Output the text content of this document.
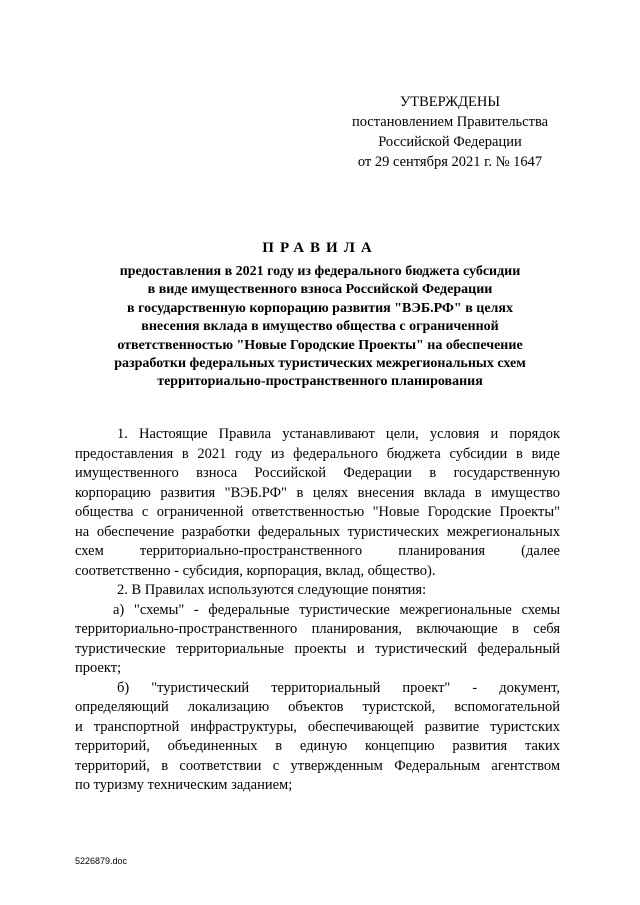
УТВЕРЖДЕНЫ
постановлением Правительства
Российской Федерации
от 29 сентября 2021 г. № 1647
ПРАВИЛА
предоставления в 2021 году из федерального бюджета субсидии
в виде имущественного взноса Российской Федерации
в государственную корпорацию развития "ВЭБ.РФ" в целях
внесения вклада в имущество общества с ограниченной
ответственностью "Новые Городские Проекты" на обеспечение
разработки федеральных туристических межрегиональных схем
территориально-пространственного планирования
1. Настоящие Правила устанавливают цели, условия и порядок
предоставления в 2021 году из федерального бюджета субсидии в виде
имущественного взноса Российской Федерации в государственную
корпорацию развития "ВЭБ.РФ" в целях внесения вклада в имущество
общества с ограниченной ответственностью "Новые Городские Проекты"
на обеспечение разработки федеральных туристических межрегиональных
схем территориально-пространственного планирования (далее
соответственно - субсидия, корпорация, вклад, общество).
2. В Правилах используются следующие понятия:
а) "схемы" - федеральные туристические межрегиональные схемы
территориально-пространственного планирования, включающие в себя
туристические территориальные проекты и туристический федеральный
проект;
б) "туристический территориальный проект" - документ,
определяющий локализацию объектов туристской, вспомогательной
и транспортной инфраструктуры, обеспечивающей развитие туристских
территорий, объединенных в единую концепцию развития таких
территорий, в соответствии с утвержденным Федеральным агентством
по туризму техническим заданием;
5226879.doc
